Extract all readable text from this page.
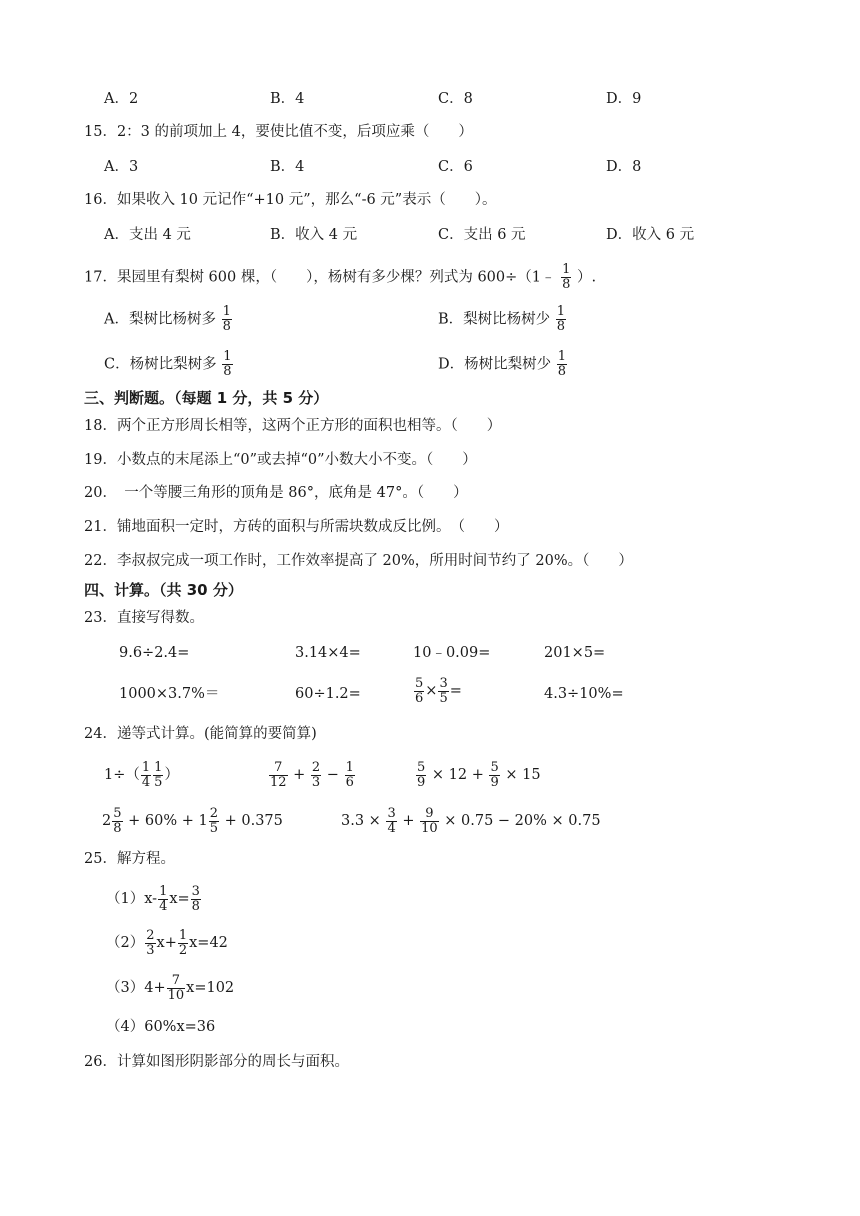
A．2	B．4	C．8	D．9
15．2：3 的前项加上 4，要使比值不变，后项应乘（　　）
A．3	B．4	C．6	D．8
16．如果收入 10 元记作“+10 元”，那么“-6 元”表示（　　）。
A．支出 4 元	B．收入 4 元	C．支出 6 元	D．收入 6 元
17．果园里有梨树 600 棵，（　　），杨树有多少棵？列式为 600÷（1﹣ $\frac{1}{8}$ ）.
A．梨树比杨树多 $\frac{1}{8}$	B．梨树比杨树少 $\frac{1}{8}$
C．杨树比梨树多 $\frac{1}{8}$	D．杨树比梨树少 $\frac{1}{8}$
三、判断题。（每题 1 分，共 5 分）
18．两个正方形周长相等，这两个正方形的面积也相等。（　　）
19．小数点的末尾添上“0”或去掉“0”小数大小不变。（　　）
20．　一个等腰三角形的顶角是 86°，底角是 47°。（　　）
21．铺地面积一定时，方砖的面积与所需块数成反比例。　（　　）
22．李叔叔完成一项工作时，工作效率提高了 20%，所用时间节约了 20%。（　　）
四、计算。（共 30 分）
23．直接写得数。
9.6÷2.4=	3.14×4=	10﹣0.09=	201×5=
1000×3.7%＝	60÷1.2=	$\frac{5}{6} \times \frac{3}{5}$ =	4.3÷10%=
24．递等式计算。(能简算的要简算)
$1\div( \frac{1}{4} \frac{1}{5}$ ）	$\frac{7}{12} + \frac{2}{3} - \frac{1}{6}$	$\frac{5}{9} \times 12 + \frac{5}{9} \times 15$
$2 \frac{5}{8} + 60\% + 1 \frac{2}{5} + 0.375$	$3.3 \times \frac{3}{4} + \frac{9}{10} \times 0.75 - 20\% \times 0.75$
25．解方程。
$(1)x- \frac{1}{4} x= \frac{3}{8}$
$(2) \frac{2}{3} x+ \frac{1}{2} x=42$
$(3)4+ \frac{7}{10} x=102$
（4）60%x=36
26．计算如图形阴影部分的周长与面积。
